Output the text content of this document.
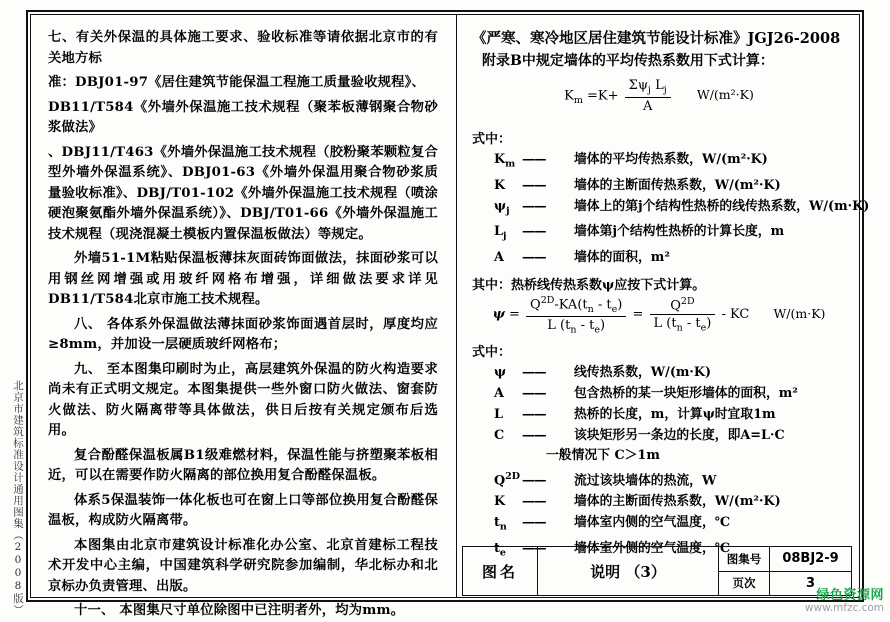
北京市建筑标准设计通用图集（2008版）

七、有关外保温的具体施工要求、验收标准等请依据北京市的有关地方标

准：DBJ01-97《居住建筑节能保温工程施工质量验收规程》、

DB11/T584《外墙外保温施工技术规程（聚苯板薄钢聚合物砂浆做法》

、DBJ11/T463《外墙外保温施工技术规程（胶粉聚苯颗粒复合型外墙外保温系统》、DBJ01-63《外墙外保温用聚合物砂浆质量验收标准》、DBJ/T01-102《外墙外保温施工技术规程（喷涂硬泡聚氨酯外墙外保温系统）》、DBJ/T01-66《外墙外保温施工技术规程（现浇混凝土模板内置保温板做法）等规定。

外墙51-1M粘贴保温板薄抹灰面砖饰面做法，抹面砂浆可以用钢丝网增强或用玻纤网格布增强，详细做法要求详见DB11/T584北京市施工技术规程。

八、 各体系外保温做法薄抹面砂浆饰面遇首层时，厚度均应≥8mm，并加设一层硬质玻纤网格布；

九、 至本图集印刷时为止，高层建筑外保温的防火构造要求尚未有正式明文规定。本图集提供一些外窗口防火做法、窗套防火做法、防火隔离带等具体做法，供日后按有关规定颁布后选用。

复合酚醛保温板属B1级难燃材料，保温性能与挤塑聚苯板相近，可以在需要作防火隔离的部位换用复合酚醛保温板。

体系5保温装饰一体化板也可在窗上口等部位换用复合酚醛保温板，构成防火隔离带。

本图集由北京市建筑设计标准化办公室、北京首建标工程技术开发中心主编，中国建筑科学研究院参加编制，华北标办和北京标办负责管理、出版。

十一、 本图集尺寸单位除图中已注明者外，均为mm。

《严寒、寒冷地区居住建筑节能设计标准》JGJ26-2008
附录B中规定墙体的平均传热系数用下式计算：
$K_m =K+ \frac{\Sigma\psi_j L_j}{A} W/(m^2\cdot K)$
式中：
$K_m$ —— 墙体的平均传热系数，W/(m²·K)
K —— 墙体的主断面传热系数，W/(m²·K)
$\psi_j$ —— 墙体上的第j个结构性热桥的线传热系数，W/(m·K)
$L_j$ —— 墙体第j个结构性热桥的计算长度，m
A —— 墙体的面积，m²
其中：热桥线传热系数ψ应按下式计算。
$\psi = \frac{Q^{2D}-KA(t_n - t_e)}{L (t_n - t_e)} = \frac{Q^{2D}}{L (t_n - t_e)}$ - KC W/(m·K)
式中：
ψ —— 线传热系数，W/(m·K)
A —— 包含热桥的某一块矩形墙体的面积，m²
L —— 热桥的长度，m，计算ψ时宜取1m
C —— 该块矩形另一条边的长度，即A=L·C
一般情况下 C＞1m
$Q^{2D}$ —— 流过该块墙体的热流，W
K —— 墙体的主断面传热系数，W/(m²·K)
$t_n$ —— 墙体室内侧的空气温度，℃
$t_e$ —— 墙体室外侧的空气温度，℃
图名	说明 （3）
图集号	08BJ2-9
页次	3
绿色资源网
www.mfzc.com
